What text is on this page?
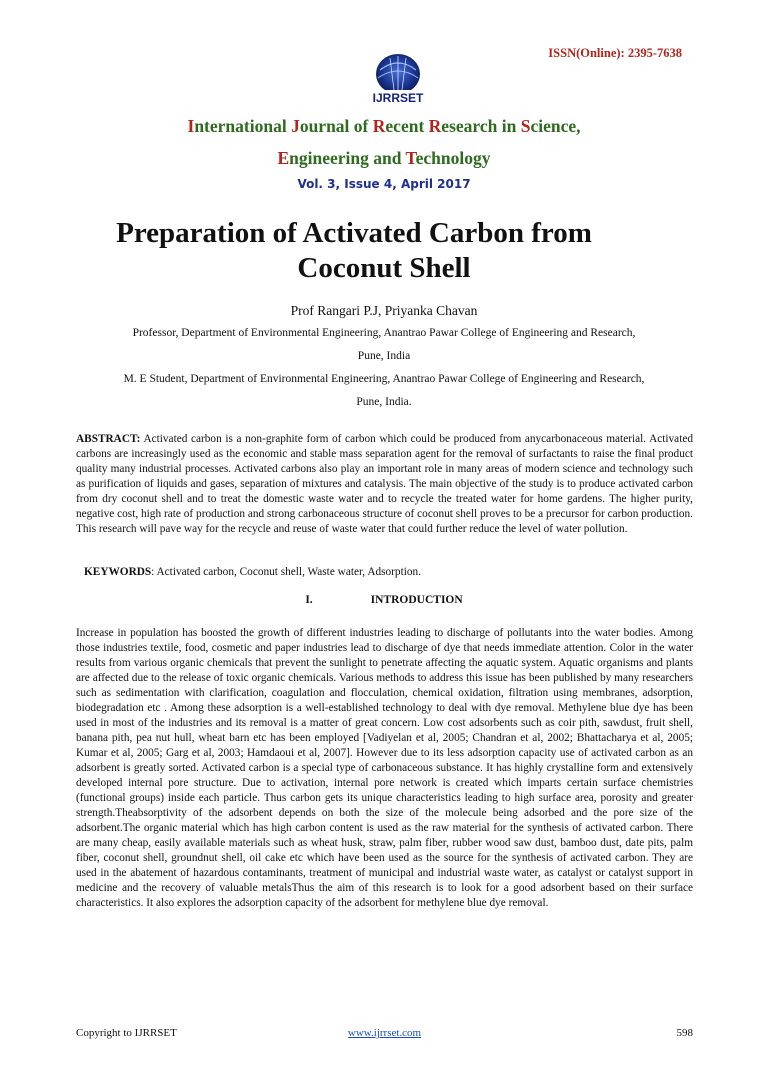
ISSN(Online): 2395-7638
IJRRSET
International Journal of Recent Research in Science,
Engineering and Technology
Vol. 3, Issue 4, April 2017
Preparation of Activated Carbon from
Coconut Shell
Prof Rangari P.J, Priyanka Chavan
Professor, Department of Environmental Engineering, Anantrao Pawar College of Engineering and Research,
Pune, India
M. E Student, Department of Environmental Engineering, Anantrao Pawar College of Engineering and Research,
Pune, India.
ABSTRACT: Activated carbon is a non-graphite form of carbon which could be produced from anycarbonaceous material. Activated carbons are increasingly used as the economic and stable mass separation agent for the removal of surfactants to raise the final product quality many industrial processes. Activated carbons also play an important role in many areas of modern science and technology such as purification of liquids and gases, separation of mixtures and catalysis. The main objective of the study is to produce activated carbon from dry coconut shell and to treat the domestic waste water and to recycle the treated water for home gardens. The higher purity, negative cost, high rate of production and strong carbonaceous structure of coconut shell proves to be a precursor for carbon production. This research will pave way for the recycle and reuse of waste water that could further reduce the level of water pollution.
KEYWORDS: Activated carbon, Coconut shell, Waste water, Adsorption.
I.	INTRODUCTION
Increase in population has boosted the growth of different industries leading to discharge of pollutants into the water bodies. Among those industries textile, food, cosmetic and paper industries lead to discharge of dye that needs immediate attention. Color in the water results from various organic chemicals that prevent the sunlight to penetrate affecting the aquatic system. Aquatic organisms and plants are affected due to the release of toxic organic chemicals. Various methods to address this issue has been published by many researchers such as sedimentation with clarification, coagulation and flocculation, chemical oxidation, filtration using membranes, adsorption, biodegradation etc . Among these adsorption is a well-established technology to deal with dye removal. Methylene blue dye has been used in most of the industries and its removal is a matter of great concern. Low cost adsorbents such as coir pith, sawdust, fruit shell, banana pith, pea nut hull, wheat barn etc has been employed [Vadiyelan et al, 2005; Chandran et al, 2002; Bhattacharya et al, 2005; Kumar et al, 2005; Garg et al, 2003; Hamdaoui et al, 2007]. However due to its less adsorption capacity use of activated carbon as an adsorbent is greatly sorted. Activated carbon is a special type of carbonaceous substance. It has highly crystalline form and extensively developed internal pore structure. Due to activation, internal pore network is created which imparts certain surface chemistries (functional groups) inside each particle. Thus carbon gets its unique characteristics leading to high surface area, porosity and greater strength.Theabsorptivity of the adsorbent depends on both the size of the molecule being adsorbed and the pore size of the adsorbent.The organic material which has high carbon content is used as the raw material for the synthesis of activated carbon. There are many cheap, easily available materials such as wheat husk, straw, palm fiber, rubber wood saw dust, bamboo dust, date pits, palm fiber, coconut shell, groundnut shell, oil cake etc which have been used as the source for the synthesis of activated carbon. They are used in the abatement of hazardous contaminants, treatment of municipal and industrial waste water, as catalyst or catalyst support in medicine and the recovery of valuable metalsThus the aim of this research is to look for a good adsorbent based on their surface characteristics. It also explores the adsorption capacity of the adsorbent for methylene blue dye removal.
Copyright to IJRRSET	www.ijrrset.com	598
